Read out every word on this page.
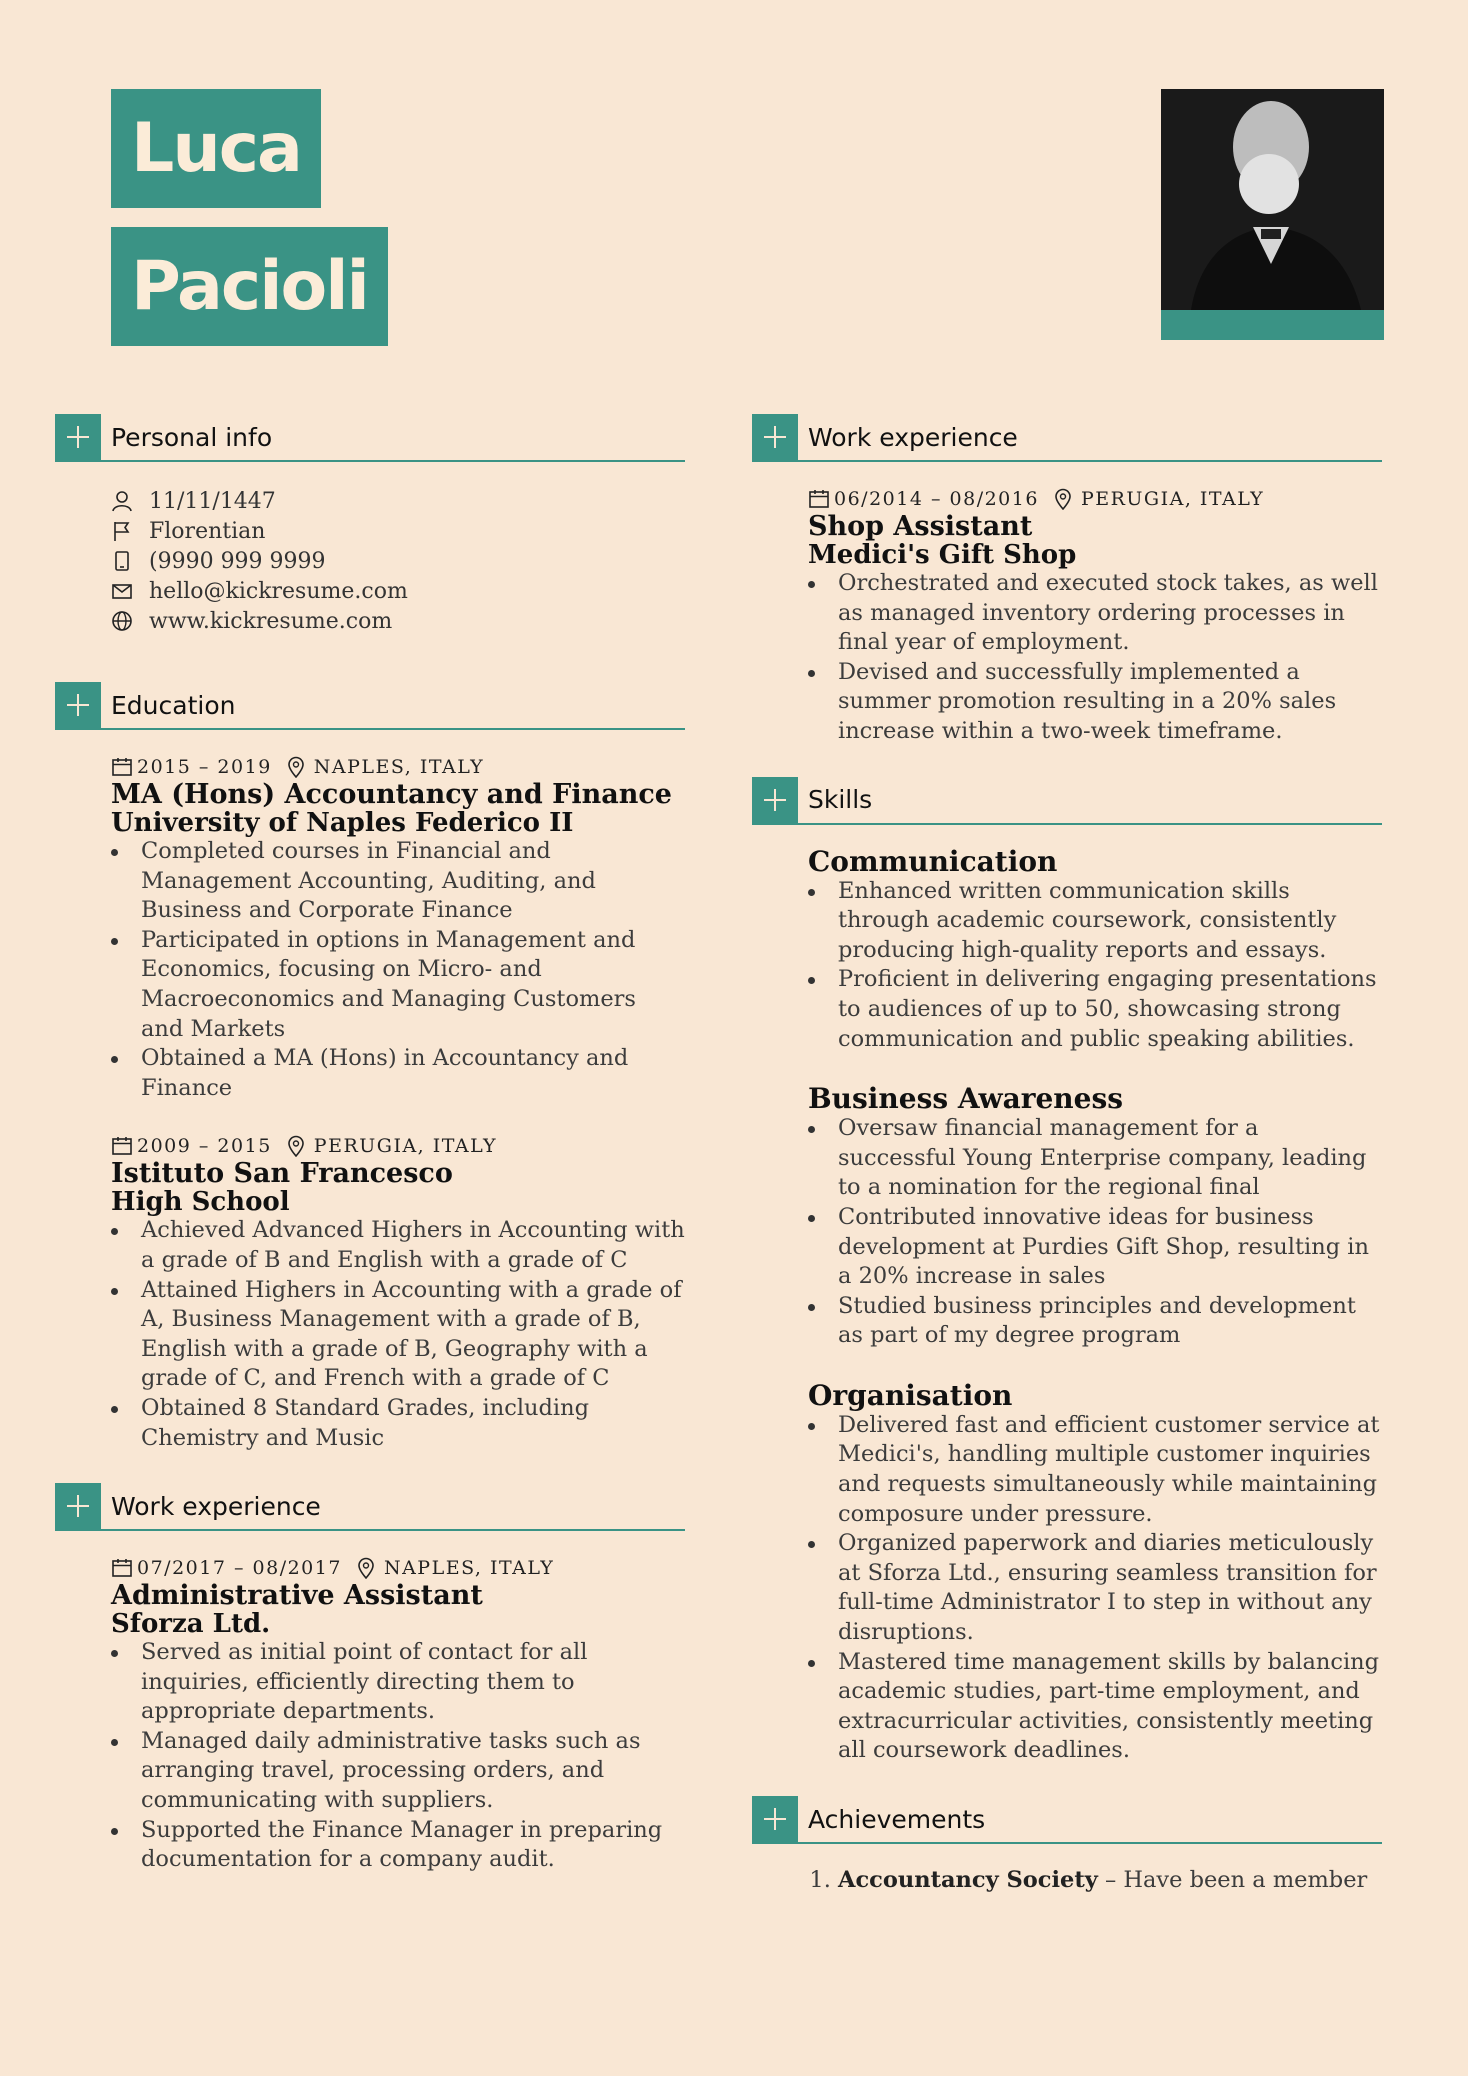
Luca
Pacioli
Personal info
11/11/1447
Florentian
(9990 999 9999
hello@kickresume.com
www.kickresume.com
Education
2015 – 2019 NAPLES, ITALY
MA (Hons) Accountancy and Finance
University of Naples Federico II
Completed courses in Financial and Management Accounting, Auditing, and Business and Corporate Finance
Participated in options in Management and Economics, focusing on Micro- and Macroeconomics and Managing Customers and Markets
Obtained a MA (Hons) in Accountancy and Finance
2009 – 2015 PERUGIA, ITALY
Istituto San Francesco
High School
Achieved Advanced Highers in Accounting with a grade of B and English with a grade of C
Attained Highers in Accounting with a grade of A, Business Management with a grade of B, English with a grade of B, Geography with a grade of C, and French with a grade of C
Obtained 8 Standard Grades, including Chemistry and Music
Work experience
07/2017 – 08/2017 NAPLES, ITALY
Administrative Assistant
Sforza Ltd.
Served as initial point of contact for all inquiries, efficiently directing them to appropriate departments.
Managed daily administrative tasks such as arranging travel, processing orders, and communicating with suppliers.
Supported the Finance Manager in preparing documentation for a company audit.
Work experience
06/2014 – 08/2016 PERUGIA, ITALY
Shop Assistant
Medici's Gift Shop
Orchestrated and executed stock takes, as well as managed inventory ordering processes in final year of employment.
Devised and successfully implemented a summer promotion resulting in a 20% sales increase within a two-week timeframe.
Skills
Communication
Enhanced written communication skills through academic coursework, consistently producing high-quality reports and essays.
Proficient in delivering engaging presentations to audiences of up to 50, showcasing strong communication and public speaking abilities.
Business Awareness
Oversaw financial management for a successful Young Enterprise company, leading to a nomination for the regional final
Contributed innovative ideas for business development at Purdies Gift Shop, resulting in a 20% increase in sales
Studied business principles and development as part of my degree program
Organisation
Delivered fast and efficient customer service at Medici's, handling multiple customer inquiries and requests simultaneously while maintaining composure under pressure.
Organized paperwork and diaries meticulously at Sforza Ltd., ensuring seamless transition for full-time Administrator I to step in without any disruptions.
Mastered time management skills by balancing academic studies, part-time employment, and extracurricular activities, consistently meeting all coursework deadlines.
Achievements
1. Accountancy Society – Have been a member
